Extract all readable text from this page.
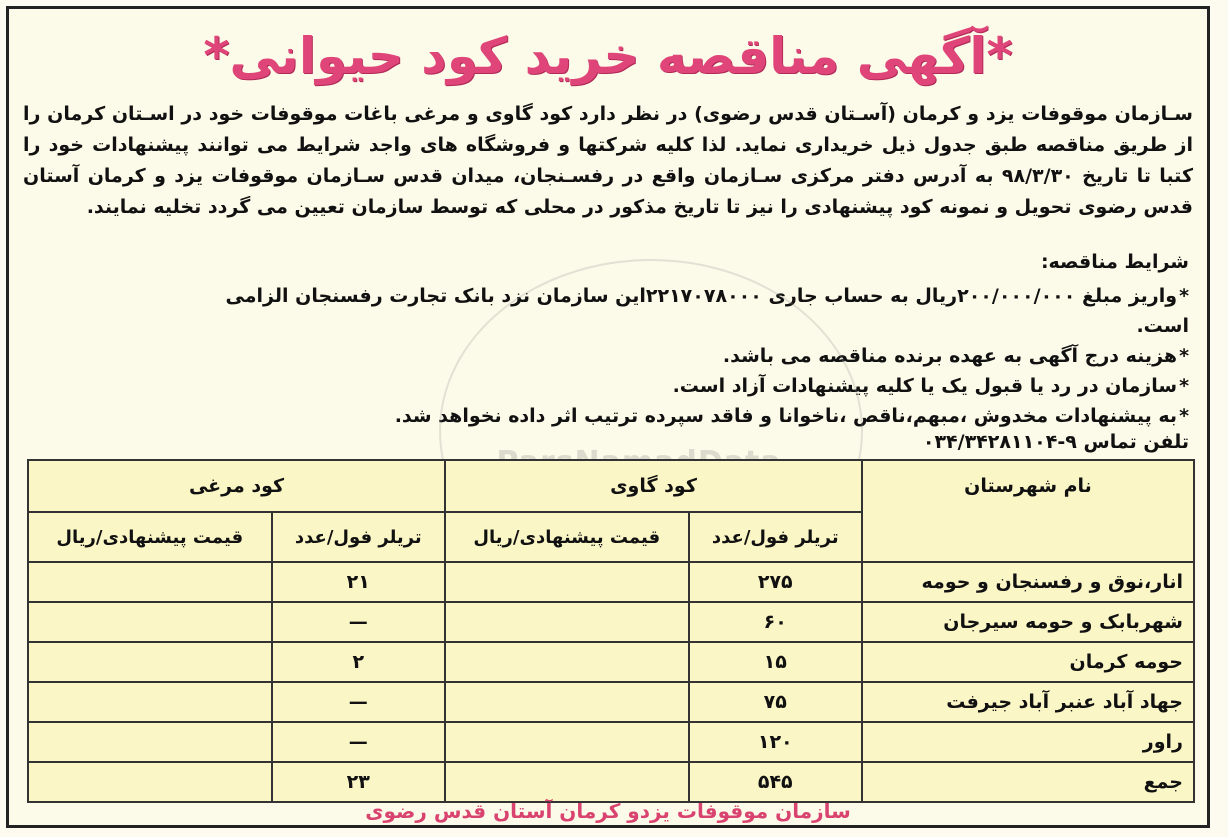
*آگهی مناقصه خرید کود حیوانی*
سـازمان موقوفات یزد و کرمان (آسـتان قدس رضوی) در نظر دارد کود گاوی و مرغی باغات موقوفات خود در اسـتان کرمان را از طریق مناقصه طبق جدول ذیل خریداری نماید. لذا کلیه شرکتها و فروشگاه های واجد شرایط می توانند پیشنهادات خود را کتبا تا تاریخ ۹۸/۳/۳۰ به آدرس دفتر مرکزی سـازمان واقع در رفسـنجان، میدان قدس سـازمان موقوفات یزد و کرمان آستان قدس رضوی تحویل و نمونه کود پیشنهادی را نیز تا تاریخ مذکور در محلی که توسط سازمان تعیین می گردد تخلیه نمایند.
شرایط مناقصه:
* واریز مبلغ ۲۰۰/۰۰۰/۰۰۰ریال به حساب جاری ۲۲۱۷۰۷۸۰۰۰این سازمان نزد بانک تجارت رفسنجان الزامی است.
* هزینه درج آگهی به عهده برنده مناقصه می باشد.
* سازمان در رد یا قبول یک یا کلیه پیشنهادات آزاد است.
* به پیشنهادات مخدوش ،مبهم،ناقص ،ناخوانا و فاقد سپرده ترتیب اثر داده نخواهد شد.
تلفن تماس ۹-۰۳۴/۳۴۲۸۱۱۰۴
نام شهرستان	کود گاوی		کود مرغی	
	تریلر فول/عدد	قیمت پیشنهادی/ریال	تریلر فول/عدد	قیمت پیشنهادی/ریال
انار،نوق و رفسنجان و حومه	۲۷۵		۲۱	
شهربابک و حومه سیرجان	۶۰		—	
حومه کرمان	۱۵		۲	
جهاد آباد عنبر آباد جیرفت	۷۵		—	
راور	۱۲۰		—	
جمع	۵۴۵		۲۳	
سازمان موقوفات یزدو کرمان آستان قدس رضوی
